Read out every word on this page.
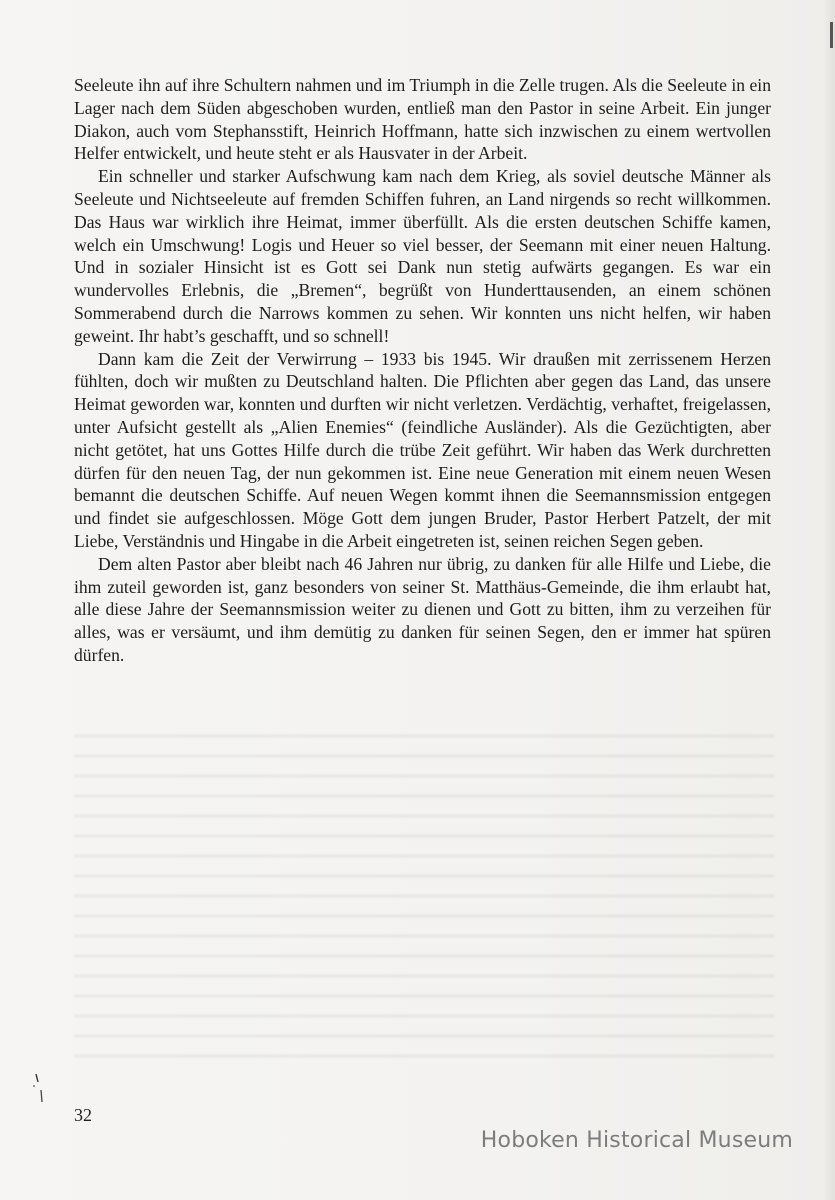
Seeleute ihn auf ihre Schultern nahmen und im Triumph in die Zelle trugen. Als die Seeleute in ein Lager nach dem Süden abgeschoben wurden, entließ man den Pastor in seine Arbeit. Ein junger Diakon, auch vom Stephansstift, Heinrich Hoffmann, hatte sich inzwischen zu einem wertvollen Helfer entwickelt, und heute steht er als Hausvater in der Arbeit.

Ein schneller und starker Aufschwung kam nach dem Krieg, als soviel deutsche Männer als Seeleute und Nichtseeleute auf fremden Schiffen fuhren, an Land nirgends so recht willkommen. Das Haus war wirklich ihre Heimat, immer überfüllt. Als die ersten deutschen Schiffe kamen, welch ein Umschwung! Logis und Heuer so viel besser, der Seemann mit einer neuen Haltung. Und in sozialer Hinsicht ist es Gott sei Dank nun stetig aufwärts gegangen. Es war ein wundervolles Erlebnis, die „Bremen“, begrüßt von Hunderttausenden, an einem schönen Sommerabend durch die Narrows kommen zu sehen. Wir konnten uns nicht helfen, wir haben geweint. Ihr habt’s geschafft, und so schnell!

Dann kam die Zeit der Verwirrung – 1933 bis 1945. Wir draußen mit zerrissenem Herzen fühlten, doch wir mußten zu Deutschland halten. Die Pflichten aber gegen das Land, das unsere Heimat geworden war, konnten und durften wir nicht verletzen. Verdächtig, verhaftet, freigelassen, unter Aufsicht gestellt als „Alien Enemies“ (feindliche Ausländer). Als die Gezüchtigten, aber nicht getötet, hat uns Gottes Hilfe durch die trübe Zeit geführt. Wir haben das Werk durchretten dürfen für den neuen Tag, der nun gekommen ist. Eine neue Generation mit einem neuen Wesen bemannt die deutschen Schiffe. Auf neuen Wegen kommt ihnen die Seemannsmission entgegen und findet sie aufgeschlossen. Möge Gott dem jungen Bruder, Pastor Herbert Patzelt, der mit Liebe, Verständnis und Hingabe in die Arbeit eingetreten ist, seinen reichen Segen geben.

Dem alten Pastor aber bleibt nach 46 Jahren nur übrig, zu danken für alle Hilfe und Liebe, die ihm zuteil geworden ist, ganz besonders von seiner St. Matthäus-Gemeinde, die ihm erlaubt hat, alle diese Jahre der Seemannsmission weiter zu dienen und Gott zu bitten, ihm zu verzeihen für alles, was er versäumt, und ihm demütig zu danken für seinen Segen, den er immer hat spüren dürfen.

32
Hoboken Historical Museum
